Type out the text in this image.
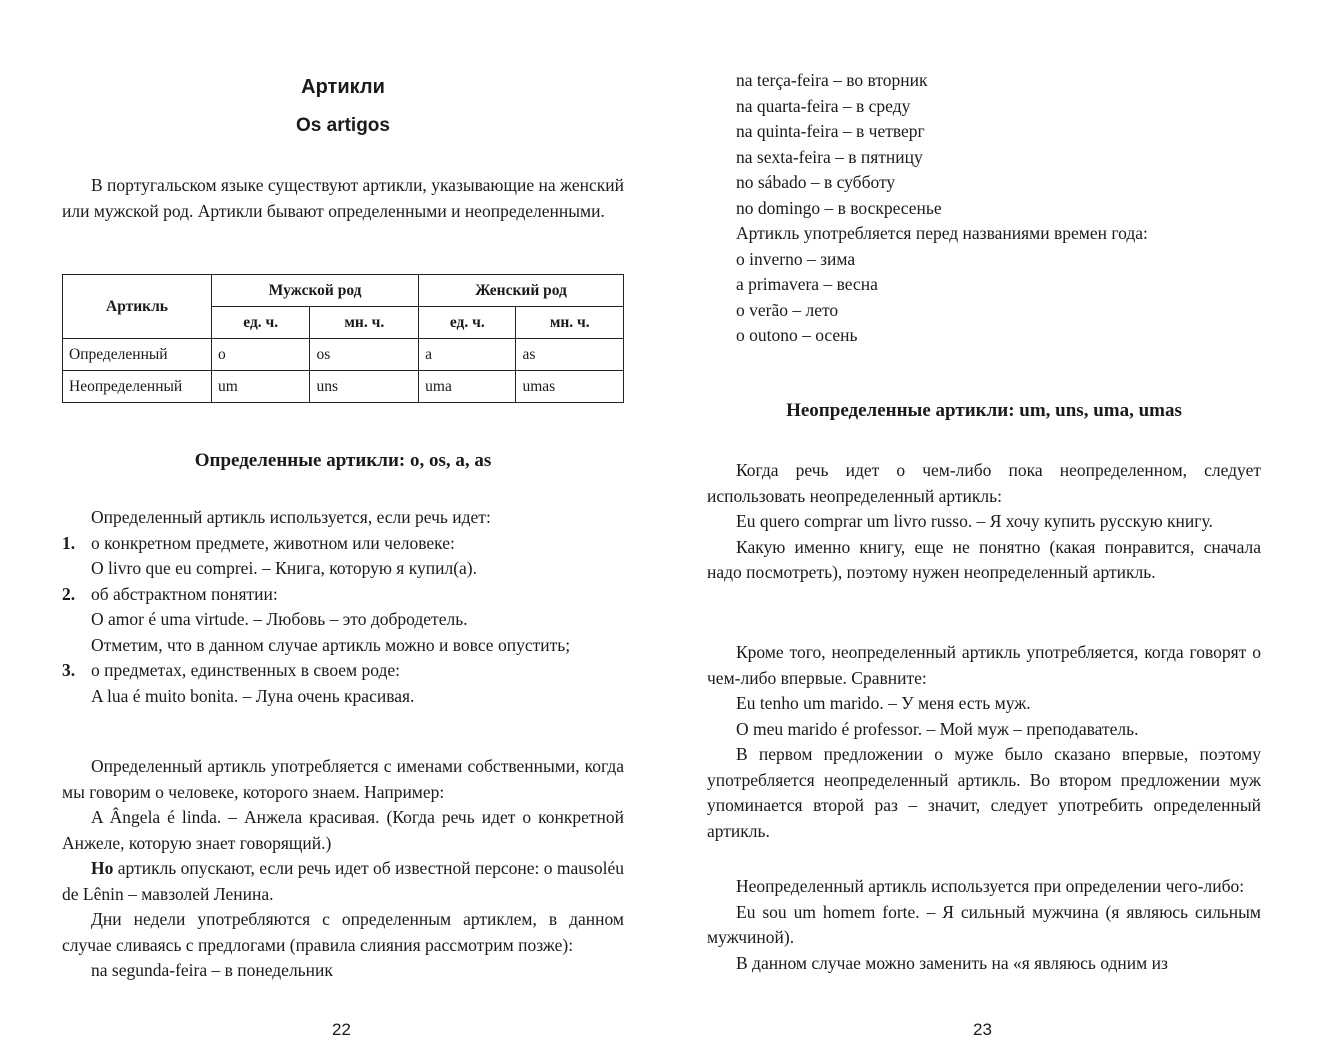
Артикли
Os artigos

В португальском языке существуют артикли, указывающие на женский или мужской род. Артикли бывают определенными и неопределенными.

Артикль	Мужской род		Женский род	
	ед. ч.	мн. ч.	ед. ч.	мн. ч.
Определенный	o	os	a	as
Неопределенный	um	uns	uma	umas
Определенные артикли: o, os, a, as

Определенный артикль используется, если речь идет:

1. о конкретном предмете, животном или человеке:

O livro que eu comprei. – Книга, которую я купил(а).

2. об абстрактном понятии:

O amor é uma virtude. – Любовь – это добродетель.

Отметим, что в данном случае артикль можно и вовсе опустить;

3. о предметах, единственных в своем роде:

A lua é muito bonita. – Луна очень красивая.

Определенный артикль употребляется с именами собственными, когда мы говорим о человеке, которого знаем. Например:

A Ângela é linda. – Анжела красивая. (Когда речь идет о конкретной Анжеле, которую знает говорящий.)

Но артикль опускают, если речь идет об известной персоне: o mausoléu de Lênin – мавзолей Ленина.

Дни недели употребляются с определенным артиклем, в данном случае сливаясь с предлогами (правила слияния рассмотрим позже):

na segunda-feira – в понедельник

22

na terça-feira – во вторник

na quarta-feira – в среду

na quinta-feira – в четверг

na sexta-feira – в пятницу

no sábado – в субботу

no domingo – в воскресенье

Артикль употребляется перед названиями времен года:

o inverno – зима

a primavera – весна

o verão – лето

o outono – осень

Неопределенные артикли: um, uns, uma, umas

Когда речь идет о чем-либо пока неопределенном, следует использовать неопределенный артикль:

Eu quero comprar um livro russo. – Я хочу купить русскую книгу.

Какую именно книгу, еще не понятно (какая понравится, сначала надо посмотреть), поэтому нужен неопределенный артикль.

Кроме того, неопределенный артикль употребляется, когда говорят о чем-либо впервые. Сравните:

Eu tenho um marido. – У меня есть муж.

O meu marido é professor. – Мой муж – преподаватель.

В первом предложении о муже было сказано впервые, поэтому употребляется неопределенный артикль. Во втором предложении муж упоминается второй раз – значит, следует употребить определенный артикль.

Неопределенный артикль используется при определении чего-либо:

Eu sou um homem forte. – Я сильный мужчина (я являюсь сильным мужчиной).

В данном случае можно заменить на «я являюсь одним из

23
